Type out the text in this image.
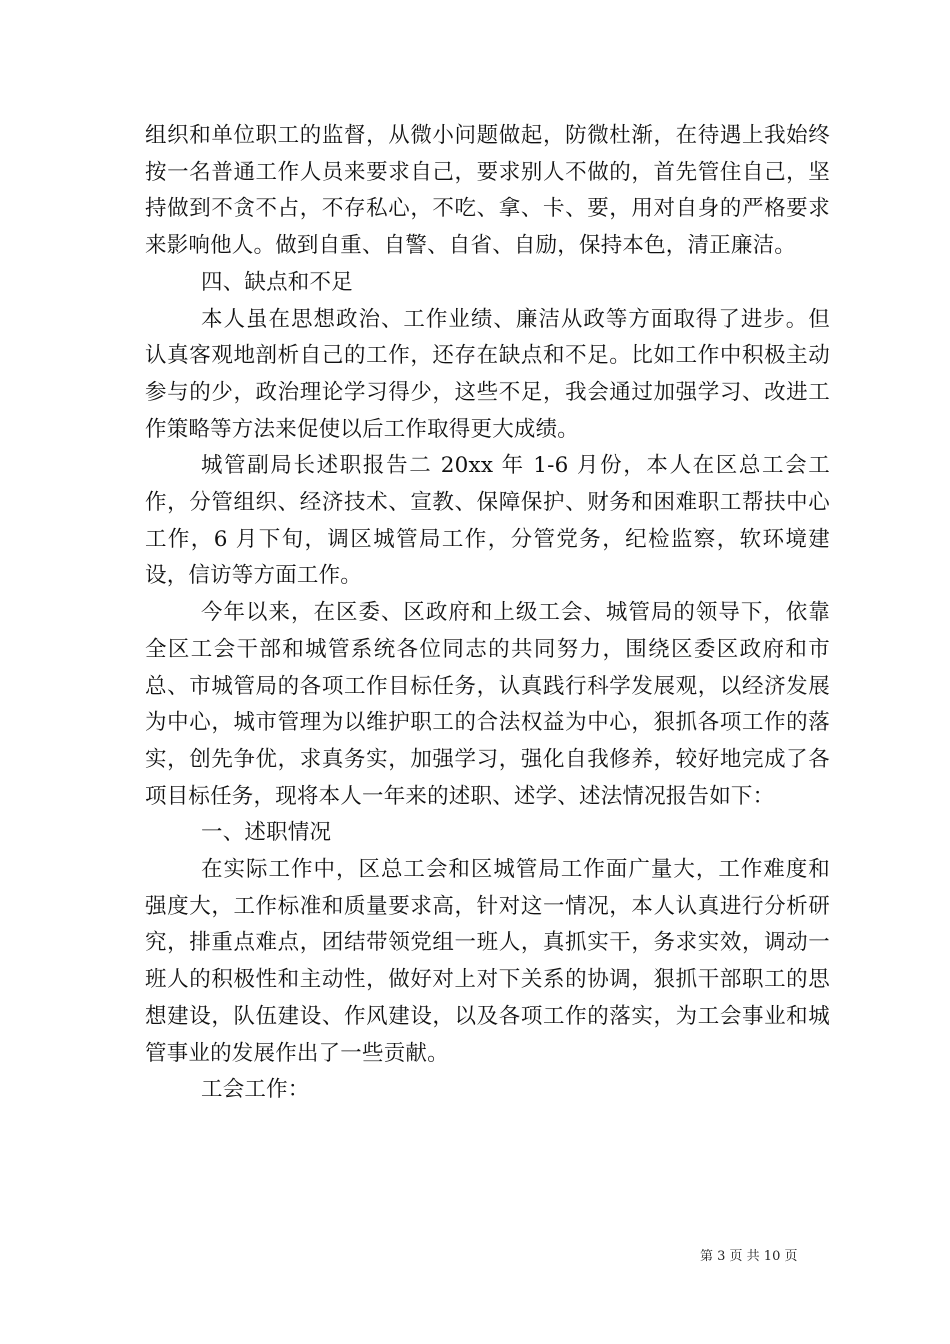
组织和单位职工的监督，从微小问题做起，防微杜渐，在待遇上我始终按一名普通工作人员来要求自己，要求别人不做的，首先管住自己，坚持做到不贪不占，不存私心，不吃、拿、卡、要，用对自身的严格要求来影响他人。做到自重、自警、自省、自励，保持本色，清正廉洁。

四、缺点和不足

本人虽在思想政治、工作业绩、廉洁从政等方面取得了进步。但认真客观地剖析自己的工作，还存在缺点和不足。比如工作中积极主动参与的少，政治理论学习得少，这些不足，我会通过加强学习、改进工作策略等方法来促使以后工作取得更大成绩。

城管副局长述职报告二 20xx 年 1-6 月份，本人在区总工会工作，分管组织、经济技术、宣教、保障保护、财务和困难职工帮扶中心工作，6 月下旬，调区城管局工作，分管党务，纪检监察，软环境建设，信访等方面工作。

今年以来，在区委、区政府和上级工会、城管局的领导下，依靠全区工会干部和城管系统各位同志的共同努力，围绕区委区政府和市总、市城管局的各项工作目标任务，认真践行科学发展观，以经济发展为中心，城市管理为以维护职工的合法权益为中心，狠抓各项工作的落实，创先争优，求真务实，加强学习，强化自我修养，较好地完成了各项目标任务，现将本人一年来的述职、述学、述法情况报告如下：

一、述职情况

在实际工作中，区总工会和区城管局工作面广量大，工作难度和强度大，工作标准和质量要求高，针对这一情况，本人认真进行分析研究，排重点难点，团结带领党组一班人，真抓实干，务求实效，调动一班人的积极性和主动性，做好对上对下关系的协调，狠抓干部职工的思想建设，队伍建设、作风建设，以及各项工作的落实，为工会事业和城管事业的发展作出了一些贡献。

工会工作：

第 3 页 共 10 页
